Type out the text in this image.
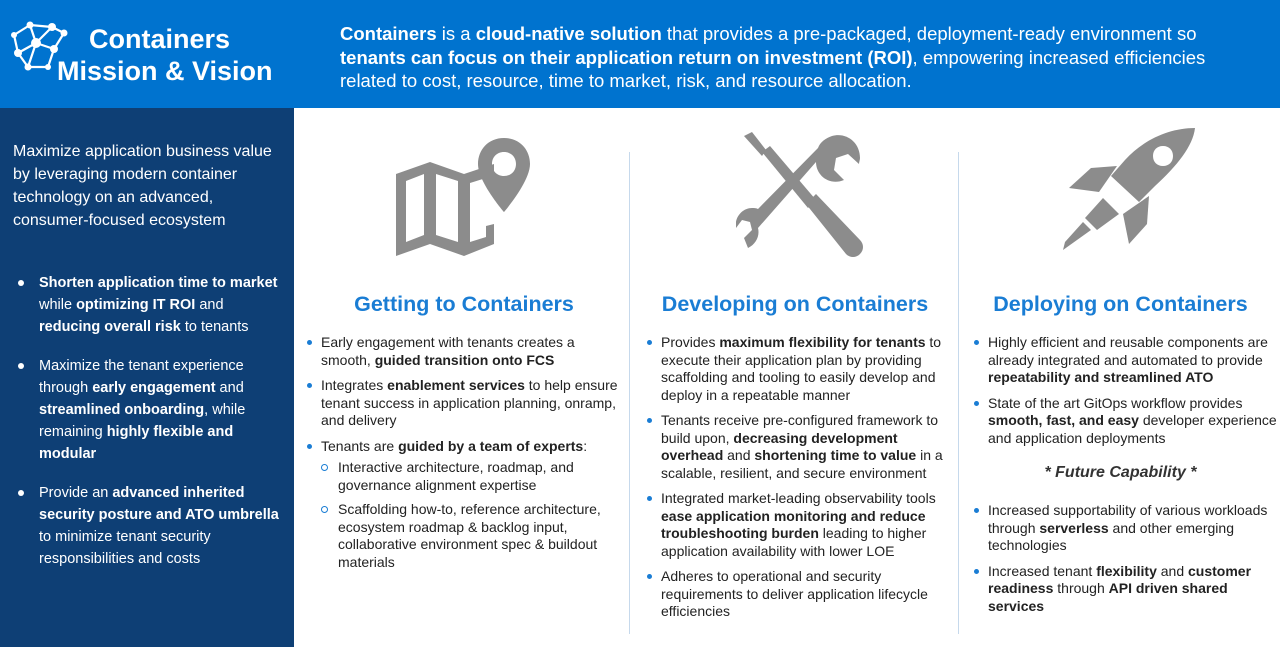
Containers
Mission & Vision
Containers is a cloud-native solution that provides a pre-packaged, deployment-ready environment so tenants can focus on their application return on investment (ROI), empowering increased efficiencies related to cost, resource, time to market, risk, and resource allocation.
Maximize application business value by leveraging modern container technology on an advanced, consumer-focused ecosystem
Shorten application time to market while optimizing IT ROI and reducing overall risk to tenants
Maximize the tenant experience through early engagement and streamlined onboarding, while remaining highly flexible and modular
Provide an advanced inherited security posture and ATO umbrella to minimize tenant security responsibilities and costs
Getting to Containers
Early engagement with tenants creates a smooth, guided transition onto FCS
Integrates enablement services to help ensure tenant success in application planning, onramp, and delivery
Tenants are guided by a team of experts:
Interactive architecture, roadmap, and governance alignment expertise
Scaffolding how-to, reference architecture, ecosystem roadmap & backlog input, collaborative environment spec & buildout materials
Developing on Containers
Provides maximum flexibility for tenants to execute their application plan by providing scaffolding and tooling to easily develop and deploy in a repeatable manner
Tenants receive pre-configured framework to build upon, decreasing development overhead and shortening time to value in a scalable, resilient, and secure environment
Integrated market-leading observability tools ease application monitoring and reduce troubleshooting burden leading to higher application availability with lower LOE
Adheres to operational and security requirements to deliver application lifecycle efficiencies
Deploying on Containers
Highly efficient and reusable components are already integrated and automated to provide repeatability and streamlined ATO
State of the art GitOps workflow provides smooth, fast, and easy developer experience and application deployments
* Future Capability *
Increased supportability of various workloads through serverless and other emerging technologies
Increased tenant flexibility and customer readiness through API driven shared services
